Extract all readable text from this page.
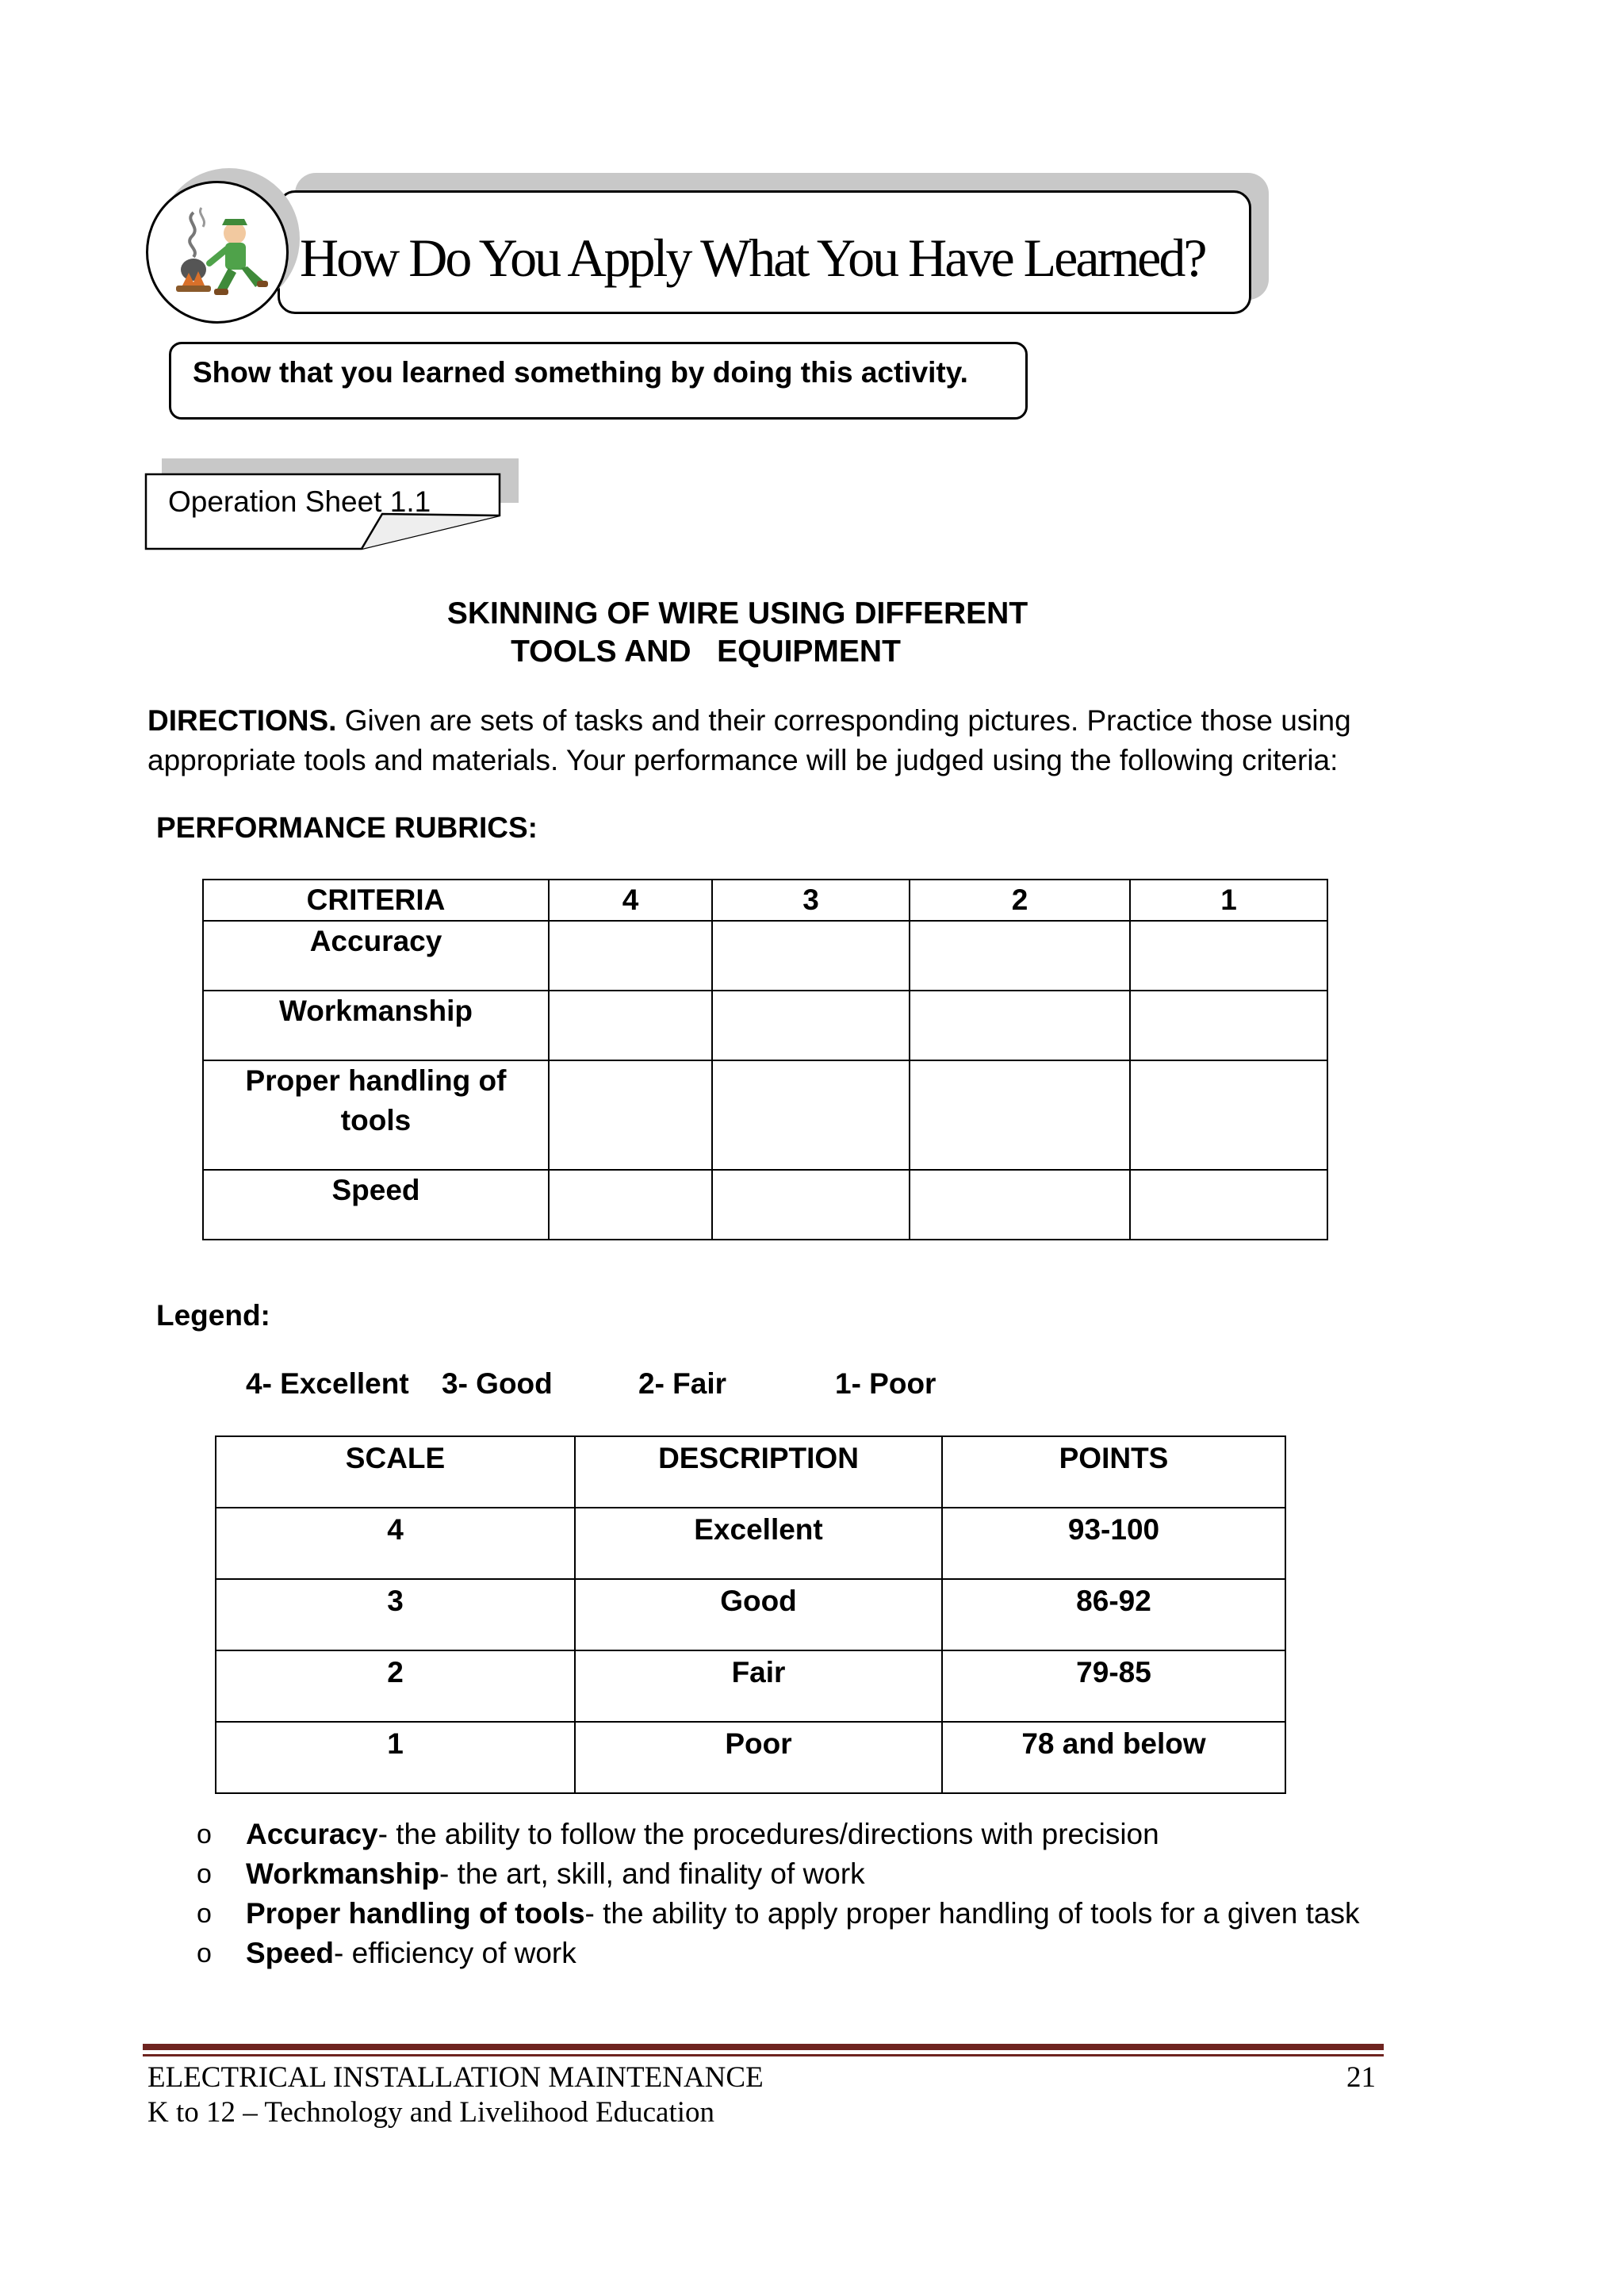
How Do You Apply What You Have Learned?
Show that you learned something by doing this activity.
Operation Sheet 1.1
SKINNING OF WIRE USING DIFFERENT
TOOLS AND   EQUIPMENT
DIRECTIONS. Given are sets of tasks and their corresponding pictures. Practice those using appropriate tools and materials. Your performance will be judged using the following criteria:
PERFORMANCE RUBRICS:
CRITERIA	4	3	2	1
Accuracy				
Workmanship				
Proper handling of tools				
Speed				
Legend:
4- Excellent 3- Good	2- Fair	1- Poor
SCALE	DESCRIPTION	POINTS
4	Excellent	93-100
3	Good	86-92
2	Fair	79-85
1	Poor	78 and below
o Accuracy- the ability to follow the procedures/directions with precision
o Workmanship- the art, skill, and finality of work
o Proper handling of tools- the ability to apply proper handling of tools for a given task
o Speed- efficiency of work
ELECTRICAL INSTALLATION MAINTENANCE
K to 12 – Technology and Livelihood Education
21
